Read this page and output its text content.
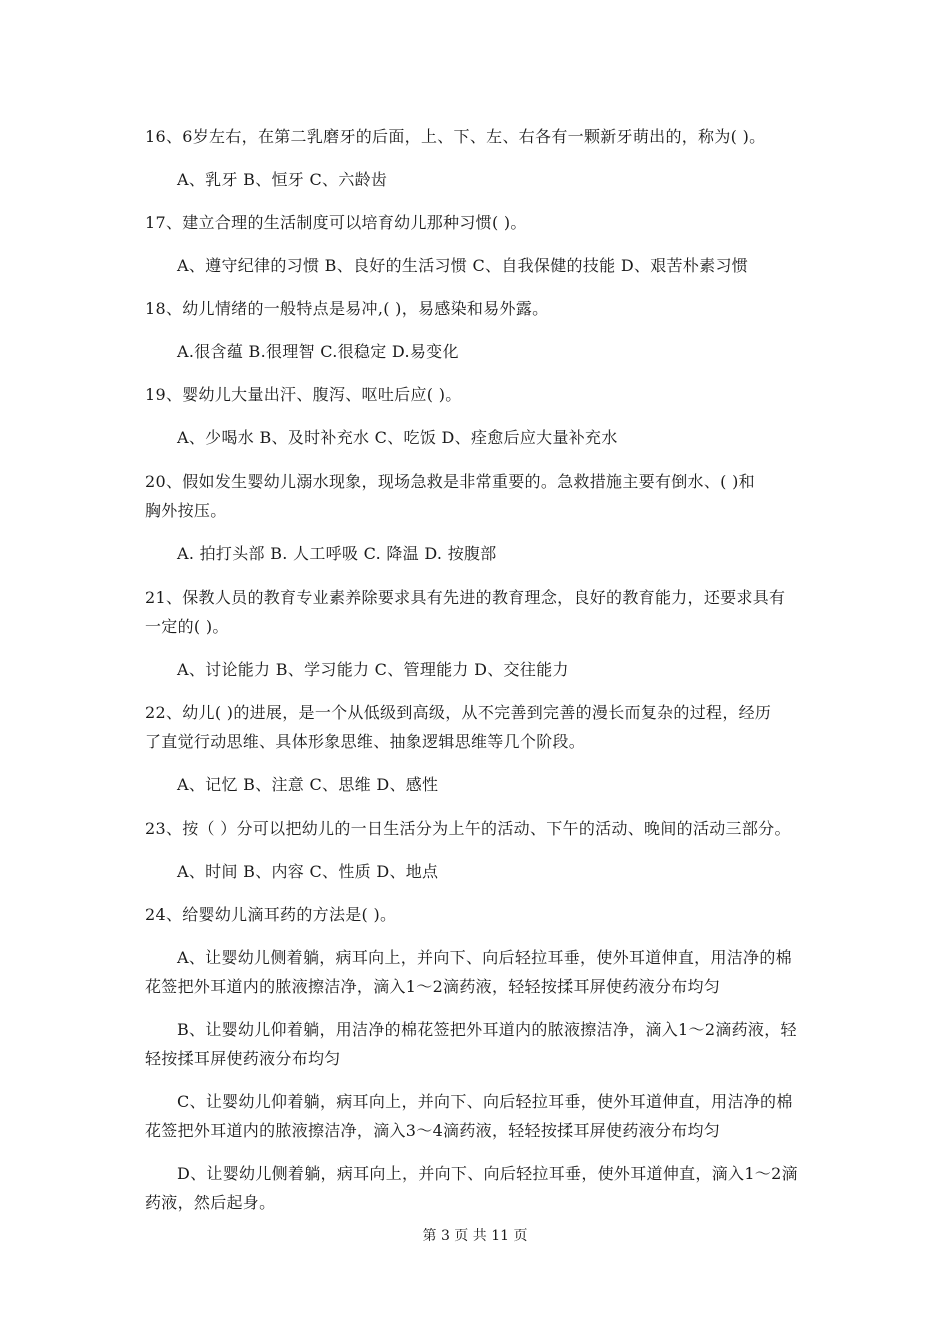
16、6岁左右，在第二乳磨牙的后面，上、下、左、右各有一颗新牙萌出的，称为( )。
A、乳牙 B、恒牙 C、六龄齿
17、建立合理的生活制度可以培育幼儿那种习惯( )。
A、遵守纪律的习惯 B、良好的生活习惯 C、自我保健的技能 D、艰苦朴素习惯
18、幼儿情绪的一般特点是易冲,( )，易感染和易外露。
A.很含蕴 B.很理智 C.很稳定 D.易变化
19、婴幼儿大量出汗、腹泻、呕吐后应( )。
A、少喝水 B、及时补充水 C、吃饭 D、痊愈后应大量补充水
20、假如发生婴幼儿溺水现象，现场急救是非常重要的。急救措施主要有倒水、( )和
胸外按压。
A. 拍打头部 B. 人工呼吸 C. 降温 D. 按腹部
21、保教人员的教育专业素养除要求具有先进的教育理念，良好的教育能力，还要求具有
一定的( )。
A、讨论能力 B、学习能力 C、管理能力 D、交往能力
22、幼儿( )的进展，是一个从低级到高级，从不完善到完善的漫长而复杂的过程，经历
了直觉行动思维、具体形象思维、抽象逻辑思维等几个阶段。
A、记忆 B、注意 C、思维 D、感性
23、按（ ）分可以把幼儿的一日生活分为上午的活动、下午的活动、晚间的活动三部分。
A、时间 B、内容 C、性质 D、地点
24、给婴幼儿滴耳药的方法是( )。
A、让婴幼儿侧着躺，病耳向上，并向下、向后轻拉耳垂，使外耳道伸直，用洁净的棉
花签把外耳道内的脓液擦洁净，滴入1～2滴药液，轻轻按揉耳屏使药液分布均匀
B、让婴幼儿仰着躺，用洁净的棉花签把外耳道内的脓液擦洁净，滴入1～2滴药液，轻
轻按揉耳屏使药液分布均匀
C、让婴幼儿仰着躺，病耳向上，并向下、向后轻拉耳垂，使外耳道伸直，用洁净的棉
花签把外耳道内的脓液擦洁净，滴入3～4滴药液，轻轻按揉耳屏使药液分布均匀
D、让婴幼儿侧着躺，病耳向上，并向下、向后轻拉耳垂，使外耳道伸直，滴入1～2滴
药液，然后起身。
第 3 页 共 11 页
